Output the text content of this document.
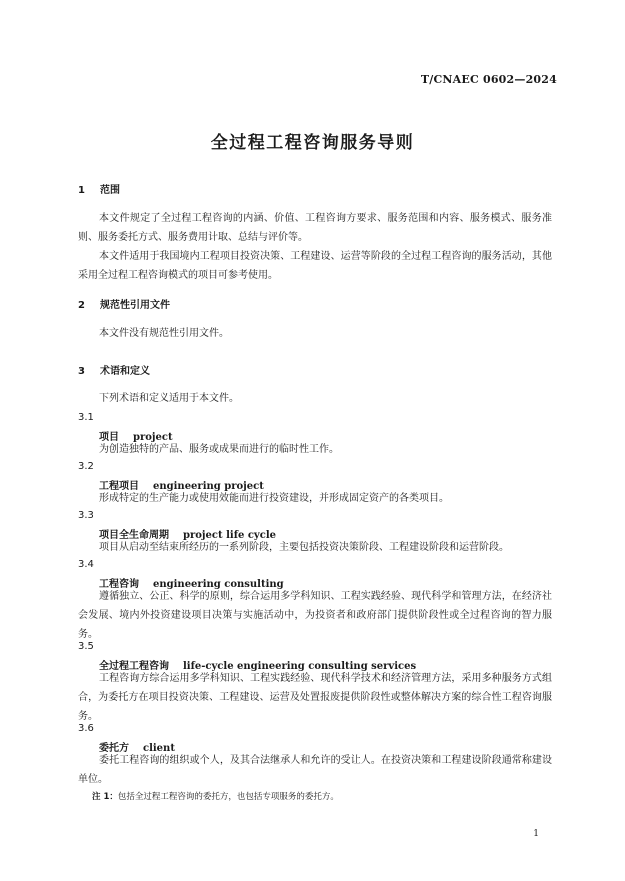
T/CNAEC 0602—2024
全过程工程咨询服务导则
1 范围

本文件规定了全过程工程咨询的内涵、价值、工程咨询方要求、服务范围和内容、服务模式、服务准则、服务委托方式、服务费用计取、总结与评价等。

本文件适用于我国境内工程项目投资决策、工程建设、运营等阶段的全过程工程咨询的服务活动，其他采用全过程工程咨询模式的项目可参考使用。

2 规范性引用文件

本文件没有规范性引用文件。

3 术语和定义

下列术语和定义适用于本文件。

3.1
项目 project

为创造独特的产品、服务或成果而进行的临时性工作。

3.2
工程项目 engineering project

形成特定的生产能力或使用效能而进行投资建设，并形成固定资产的各类项目。

3.3
项目全生命周期 project life cycle

项目从启动至结束所经历的一系列阶段，主要包括投资决策阶段、工程建设阶段和运营阶段。

3.4
工程咨询 engineering consulting

遵循独立、公正、科学的原则，综合运用多学科知识、工程实践经验、现代科学和管理方法，在经济社会发展、境内外投资建设项目决策与实施活动中，为投资者和政府部门提供阶段性或全过程咨询的智力服务。

3.5
全过程工程咨询 life-cycle engineering consulting services

工程咨询方综合运用多学科知识、工程实践经验、现代科学技术和经济管理方法，采用多种服务方式组合，为委托方在项目投资决策、工程建设、运营及处置报废提供阶段性或整体解决方案的综合性工程咨询服务。

3.6
委托方 client

委托工程咨询的组织或个人，及其合法继承人和允许的受让人。在投资决策和工程建设阶段通常称建设单位。

注 1：包括全过程工程咨询的委托方，也包括专项服务的委托方。
1
